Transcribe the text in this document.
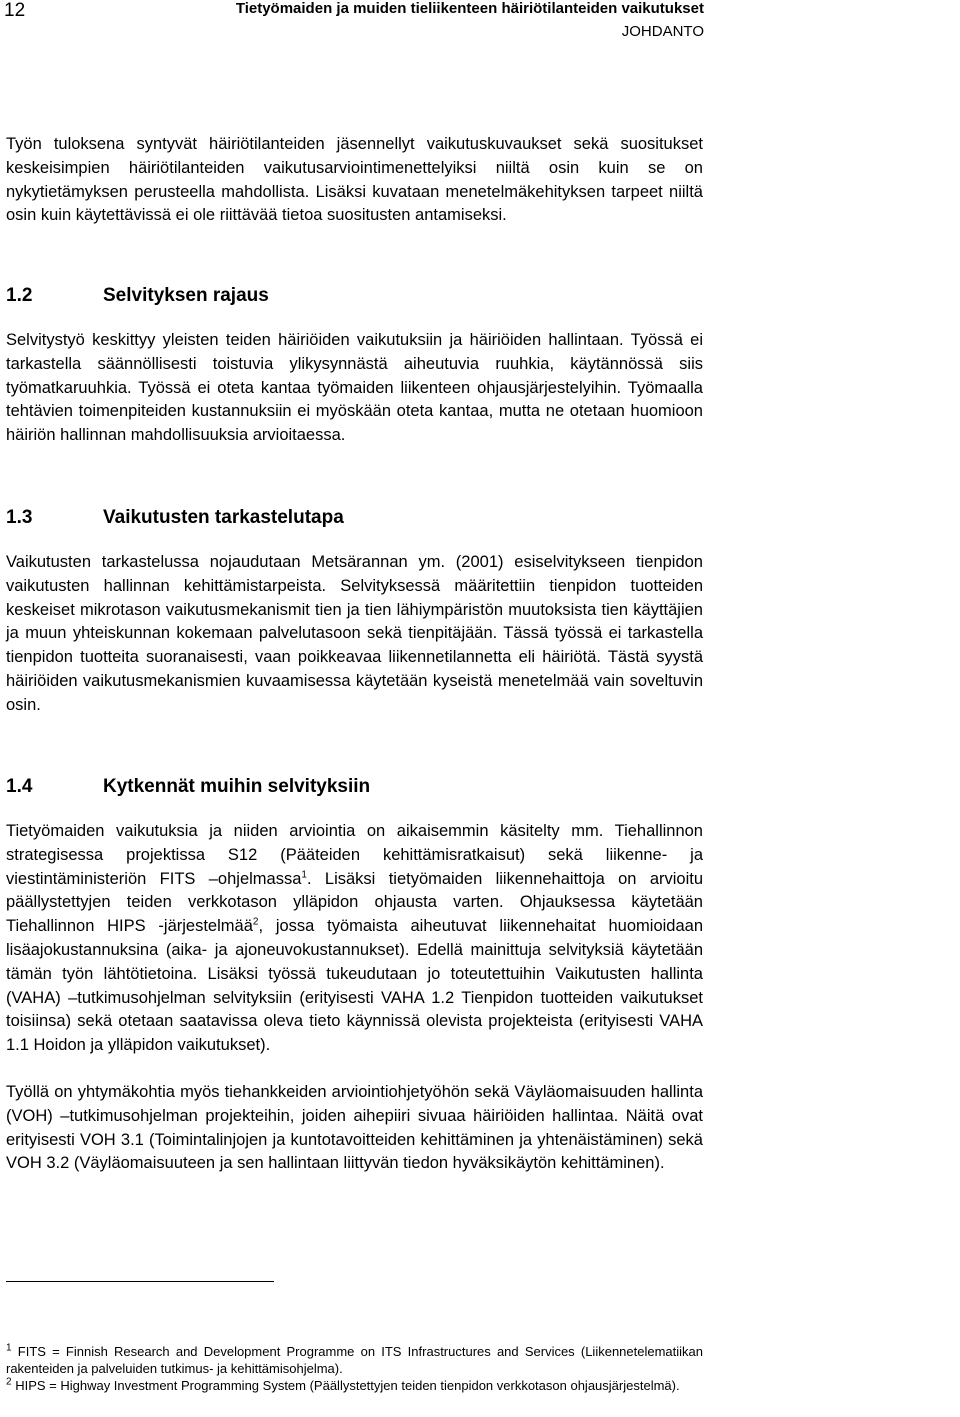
12	Tietyömaiden ja muiden tieliikenteen häiriötilanteiden vaikutukset
JOHDANTO

Työn tuloksena syntyvät häiriötilanteiden jäsennellyt vaikutuskuvaukset sekä suositukset keskeisimpien häiriötilanteiden vaikutusarviointimenettelyiksi niiltä osin kuin se on nykytietämyksen perusteella mahdollista. Lisäksi kuvataan menetelmäkehityksen tarpeet niiltä osin kuin käytettävissä ei ole riittävää tietoa suositusten antamiseksi.

1.2	Selvityksen rajaus

Selvitystyö keskittyy yleisten teiden häiriöiden vaikutuksiin ja häiriöiden hallintaan. Työssä ei tarkastella säännöllisesti toistuvia ylikysynnästä aiheutuvia ruuhkia, käytännössä siis työmatkaruuhkia. Työssä ei oteta kantaa työmaiden liikenteen ohjausjärjestelyihin. Työmaalla tehtävien toimenpiteiden kustannuksiin ei myöskään oteta kantaa, mutta ne otetaan huomioon häiriön hallinnan mahdollisuuksia arvioitaessa.

1.3	Vaikutusten tarkastelutapa

Vaikutusten tarkastelussa nojaudutaan Metsärannan ym. (2001) esiselvitykseen tienpidon vaikutusten hallinnan kehittämistarpeista. Selvityksessä määritettiin tienpidon tuotteiden keskeiset mikrotason vaikutusmekanismit tien ja tien lähiympäristön muutoksista tien käyttäjien ja muun yhteiskunnan kokemaan palvelutasoon sekä tienpitäjään. Tässä työssä ei tarkastella tienpidon tuotteita suoranaisesti, vaan poikkeavaa liikennetilannetta eli häiriötä. Tästä syystä häiriöiden vaikutusmekanismien kuvaamisessa käytetään kyseistä menetelmää vain soveltuvin osin.

1.4	Kytkennät muihin selvityksiin

Tietyömaiden vaikutuksia ja niiden arviointia on aikaisemmin käsitelty mm. Tiehallinnon strategisessa projektissa S12 (Pääteiden kehittämisratkaisut) sekä liikenne- ja viestintäministeriön FITS –ohjelmassa$^1$. Lisäksi tietyömaiden liikennehaittoja on arvioitu päällystettyjen teiden verkkotason ylläpidon ohjausta varten. Ohjauksessa käytetään Tiehallinnon HIPS -järjestelmää$^2$, jossa työmaista aiheutuvat liikennehaitat huomioidaan lisäajokustannuksina (aika- ja ajoneuvokustannukset). Edellä mainittuja selvityksiä käytetään tämän työn lähtötietoina. Lisäksi työssä tukeudutaan jo toteutettuihin Vaikutusten hallinta (VAHA) –tutkimusohjelman selvityksiin (erityisesti VAHA 1.2 Tienpidon tuotteiden vaikutukset toisiinsa) sekä otetaan saatavissa oleva tieto käynnissä olevista projekteista (erityisesti VAHA 1.1 Hoidon ja ylläpidon vaikutukset).

Työllä on yhtymäkohtia myös tiehankkeiden arviointiohjetyöhön sekä Väyläomaisuuden hallinta (VOH) –tutkimusohjelman projekteihin, joiden aihepiiri sivuaa häiriöiden hallintaa. Näitä ovat erityisesti VOH 3.1 (Toimintalinjojen ja kuntotavoitteiden kehittäminen ja yhtenäistäminen) sekä VOH 3.2 (Väyläomaisuuteen ja sen hallintaan liittyvän tiedon hyväksikäytön kehittäminen).

$^1$ FITS = Finnish Research and Development Programme on ITS Infrastructures and Services (Liikennetelematiikan rakenteiden ja palveluiden tutkimus- ja kehittämisohjelma).

$^2$ HIPS = Highway Investment Programming System (Päällystettyjen teiden tienpidon verkkotason ohjausjärjestelmä).
